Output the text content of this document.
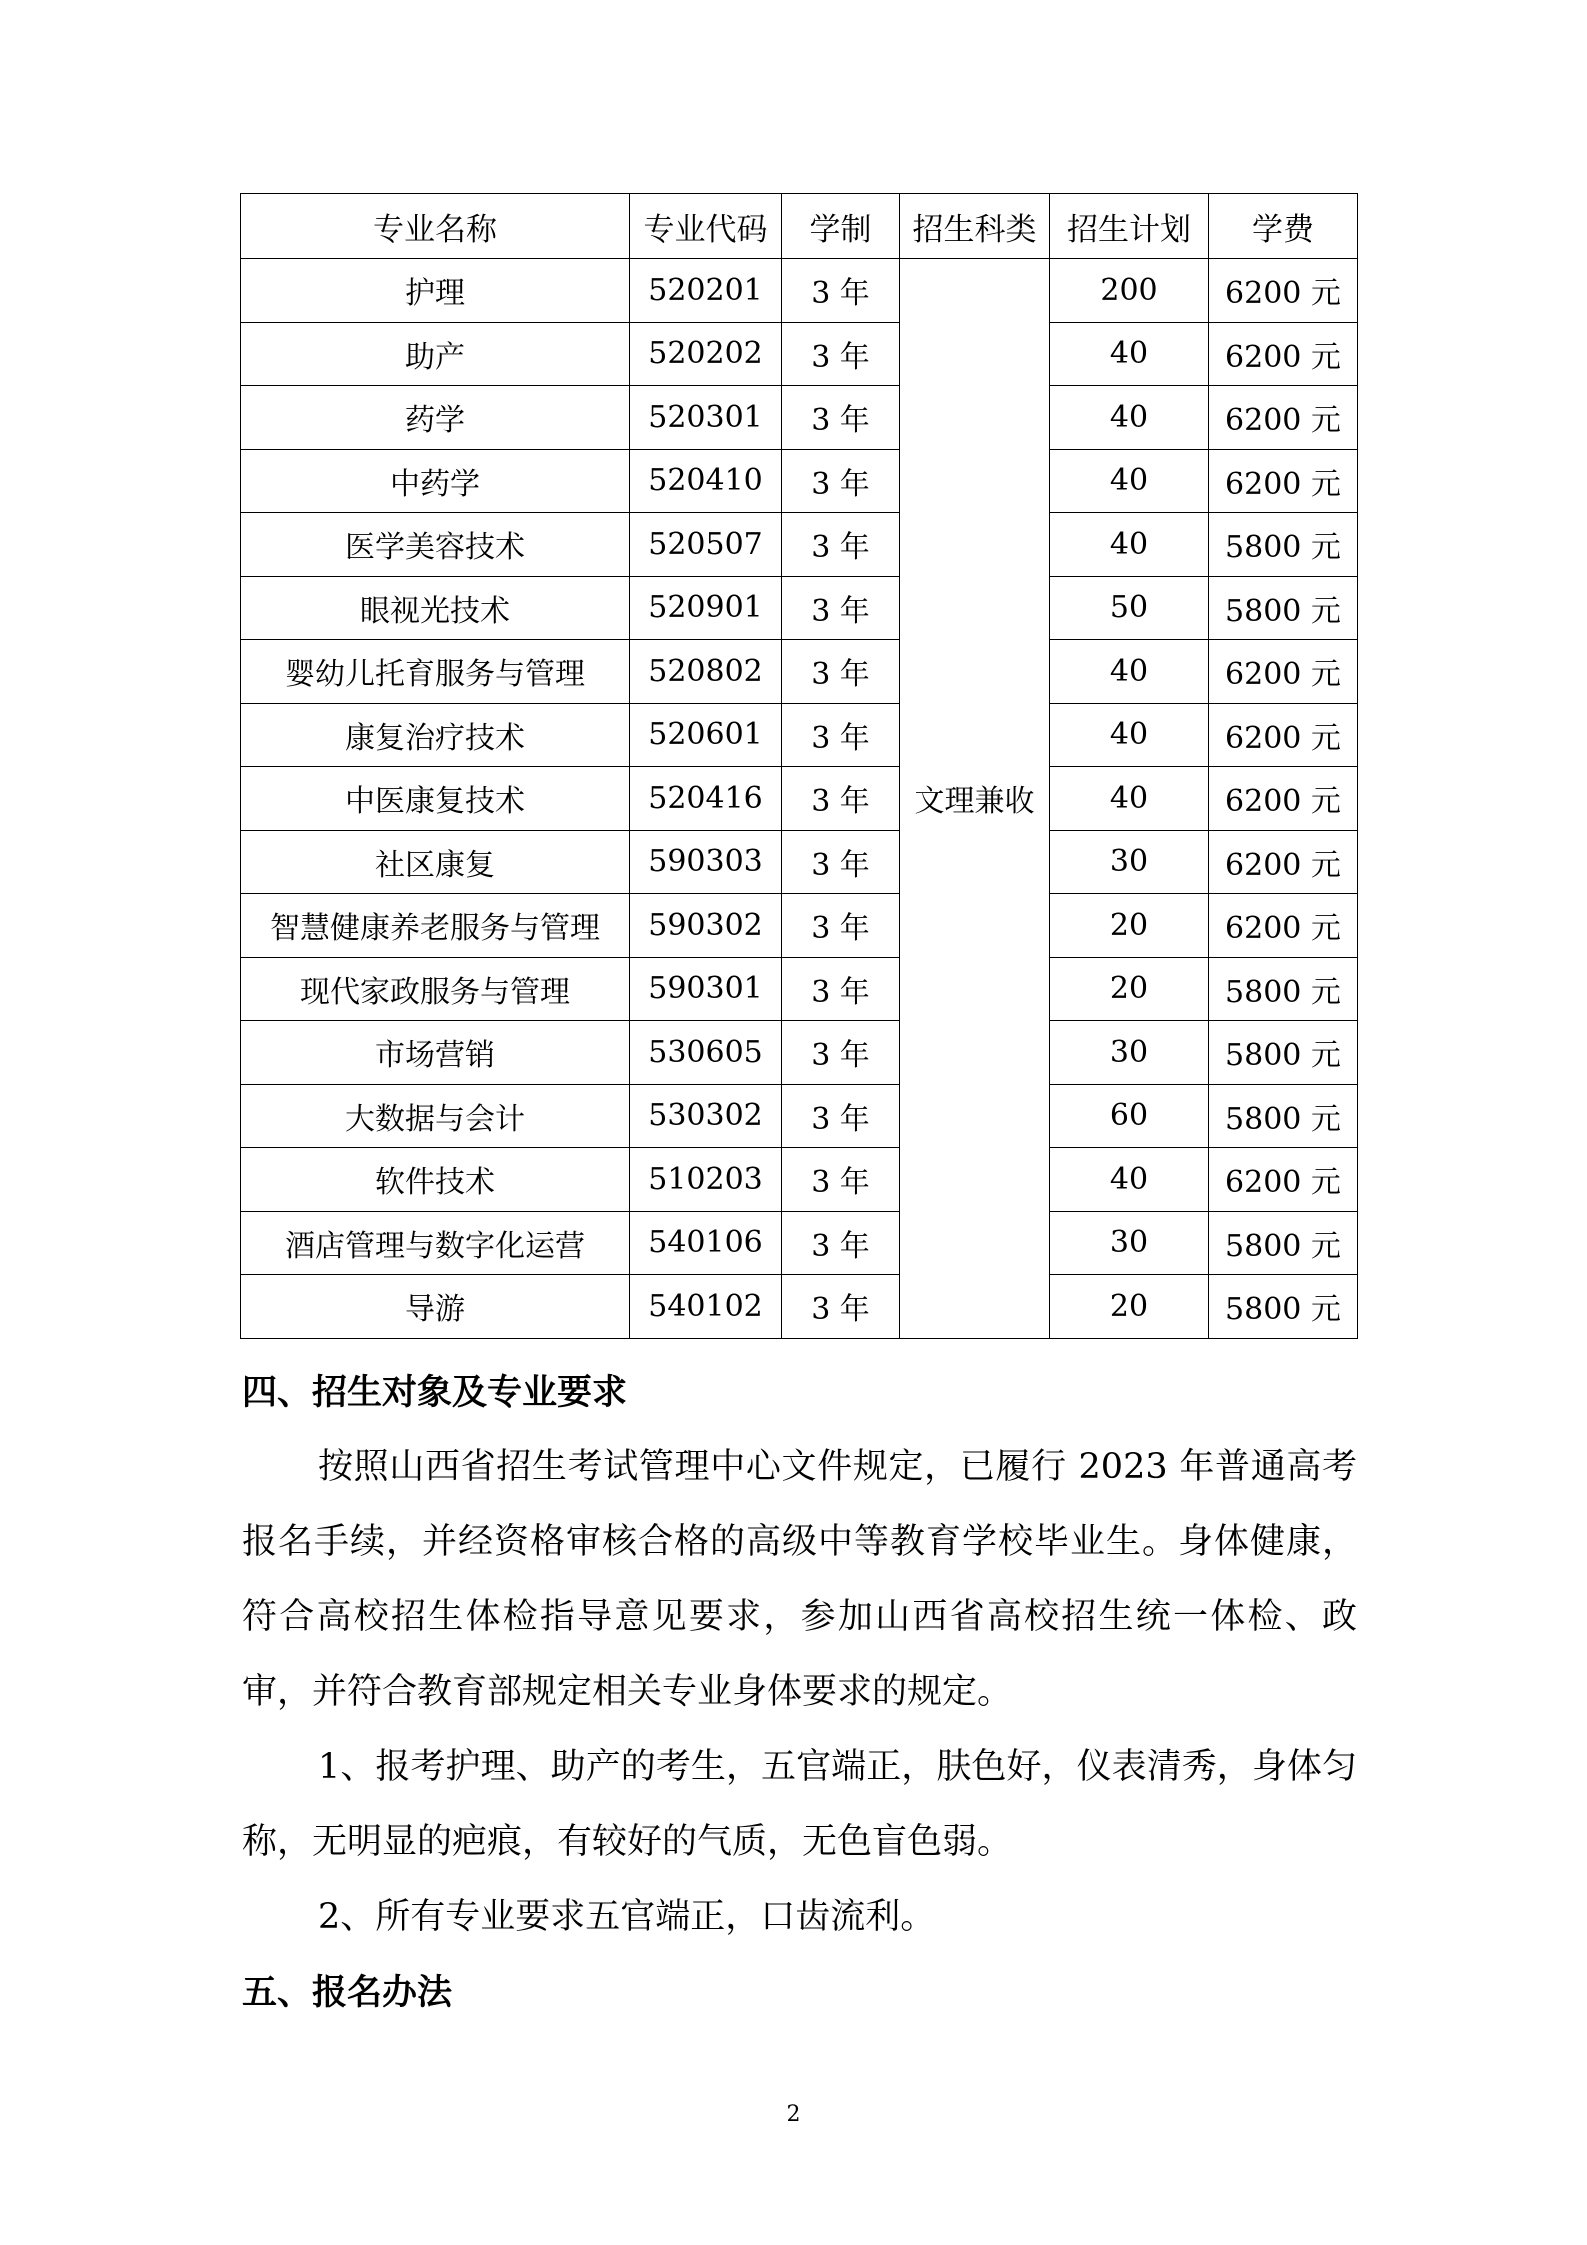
专业名称	专业代码	学制	招生科类	招生计划	学费
护理	520201	3 年	文理兼收	200	6200 元
助产	520202	3 年		40	6200 元
药学	520301	3 年		40	6200 元
中药学	520410	3 年		40	6200 元
医学美容技术	520507	3 年		40	5800 元
眼视光技术	520901	3 年		50	5800 元
婴幼儿托育服务与管理	520802	3 年		40	6200 元
康复治疗技术	520601	3 年		40	6200 元
中医康复技术	520416	3 年		40	6200 元
社区康复	590303	3 年		30	6200 元
智慧健康养老服务与管理	590302	3 年		20	6200 元
现代家政服务与管理	590301	3 年		20	5800 元
市场营销	530605	3 年		30	5800 元
大数据与会计	530302	3 年		60	5800 元
软件技术	510203	3 年		40	6200 元
酒店管理与数字化运营	540106	3 年		30	5800 元
导游	540102	3 年		20	5800 元
四、招生对象及专业要求
按照山西省招生考试管理中心文件规定，已履行 2023 年普通高考报名手续，并经资格审核合格的高级中等教育学校毕业生。身体健康，符合高校招生体检指导意见要求，参加山西省高校招生统一体检、政审，并符合教育部规定相关专业身体要求的规定。
1、报考护理、助产的考生，五官端正，肤色好，仪表清秀，身体匀称，无明显的疤痕，有较好的气质，无色盲色弱。
2、所有专业要求五官端正，口齿流利。
五、报名办法
2
